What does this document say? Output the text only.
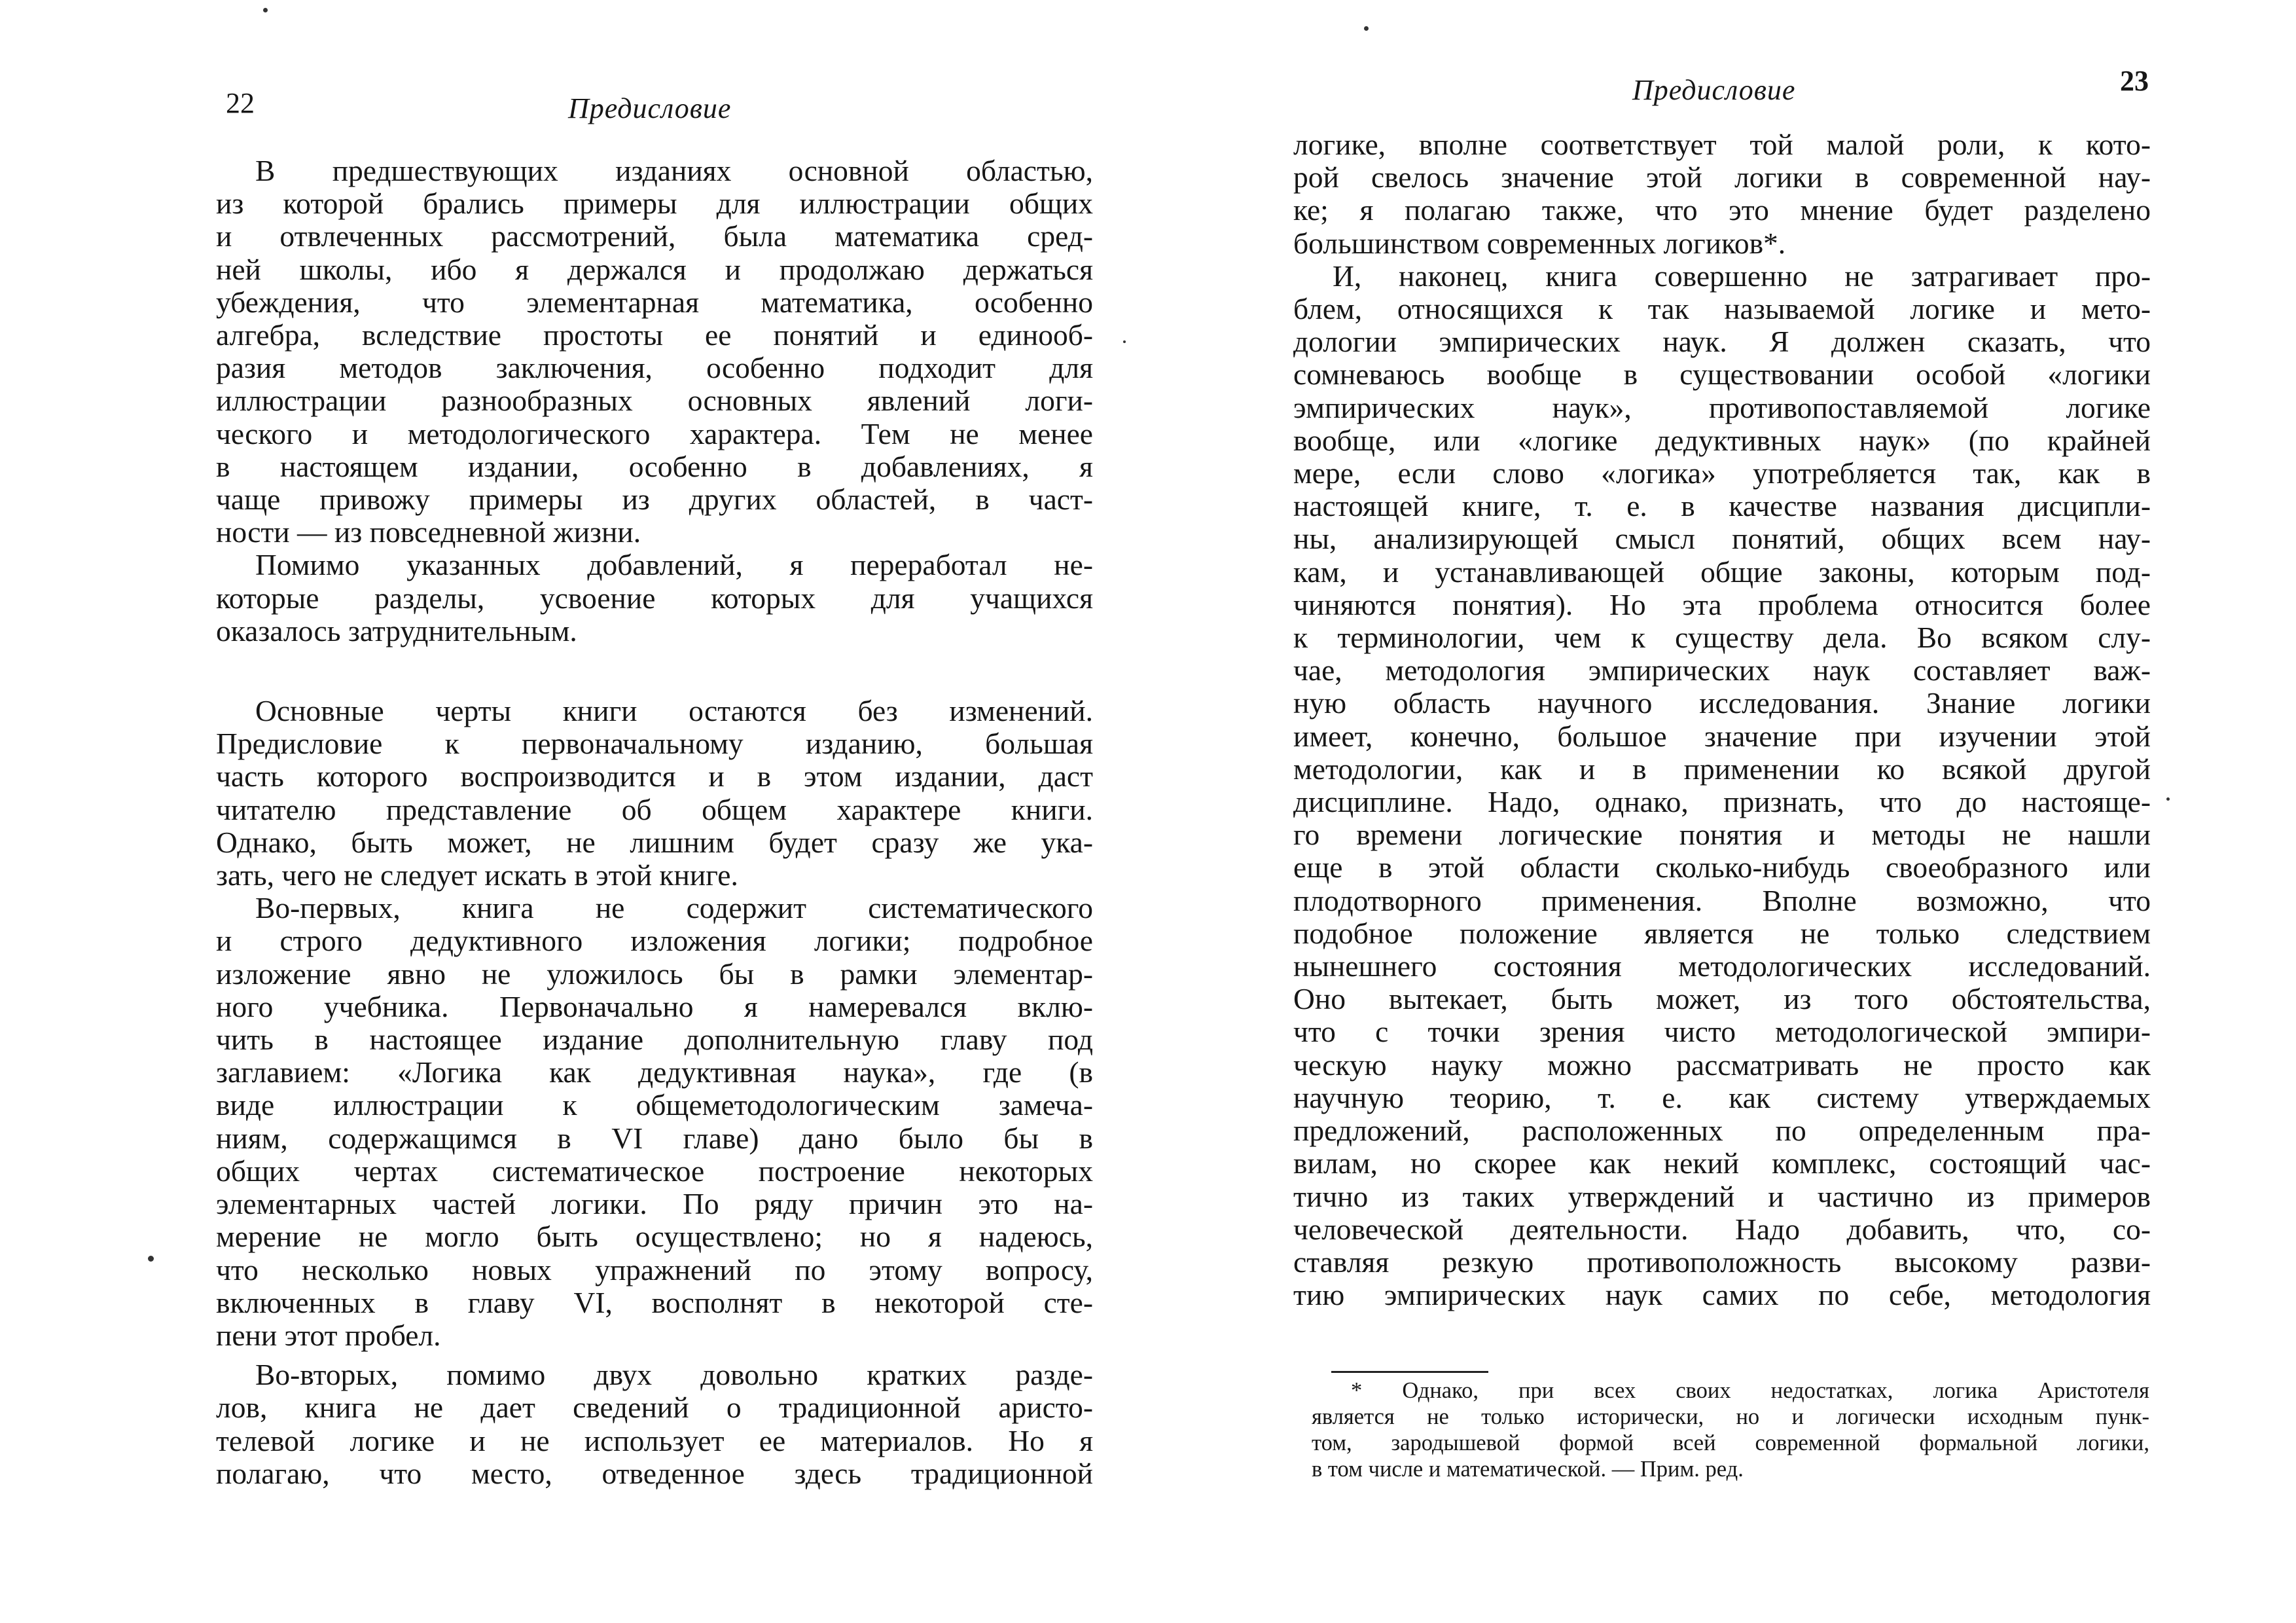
22	Предисловие

В предшествующих изданиях основной областью,
из которой брались примеры для иллюстрации общих
и отвлеченных рассмотрений, была математика сред-
ней школы, ибо я держался и продолжаю держаться
убеждения, что элементарная математика, особенно
алгебра, вследствие простоты ее понятий и единооб-
разия методов заключения, особенно подходит для
иллюстрации разнообразных основных явлений логи-
ческого и методологического характера. Тем не менее
в настоящем издании, особенно в добавлениях, я
чаще привожу примеры из других областей, в част-
ности — из повседневной жизни.

Помимо указанных добавлений, я переработал не-
которые разделы, усвоение которых для учащихся
оказалось затруднительным.

Основные черты книги остаются без изменений.
Предисловие к первоначальному изданию, большая
часть которого воспроизводится и в этом издании, даст
читателю представление об общем характере книги.
Однако, быть может, не лишним будет сразу же ука-
зать, чего не следует искать в этой книге.

Во-первых, книга не содержит систематического
и строго дедуктивного изложения логики; подробное
изложение явно не уложилось бы в рамки элементар-
ного учебника. Первоначально я намеревался вклю-
чить в настоящее издание дополнительную главу под
заглавием: «Логика как дедуктивная наука», где (в
виде иллюстрации к общеметодологическим замеча-
ниям, содержащимся в VI главе) дано было бы в
общих чертах систематическое построение некоторых
элементарных частей логики. По ряду причин это на-
мерение не могло быть осуществлено; но я надеюсь,
что несколько новых упражнений по этому вопросу,
включенных в главу VI, восполнят в некоторой сте-
пени этот пробел.

Во-вторых, помимо двух довольно кратких разде-
лов, книга не дает сведений о традиционной аристо-
телевой логике и не использует ее материалов. Но я
полагаю, что место, отведенное здесь традиционной

Предисловие	23

логике, вполне соответствует той малой роли, к кото-
рой свелось значение этой логики в современной нау-
ке; я полагаю также, что это мнение будет разделено
большинством современных логиков*.

И, наконец, книга совершенно не затрагивает про-
блем, относящихся к так называемой логике и мето-
дологии эмпирических наук. Я должен сказать, что
сомневаюсь вообще в существовании особой «логики
эмпирических наук», противопоставляемой логике
вообще, или «логике дедуктивных наук» (по крайней
мере, если слово «логика» употребляется так, как в
настоящей книге, т. е. в качестве названия дисципли-
ны, анализирующей смысл понятий, общих всем нау-
кам, и устанавливающей общие законы, которым под-
чиняются понятия). Но эта проблема относится более
к терминологии, чем к существу дела. Во всяком слу-
чае, методология эмпирических наук составляет важ-
ную область научного исследования. Знание логики
имеет, конечно, большое значение при изучении этой
методологии, как и в применении ко всякой другой
дисциплине. Надо, однако, признать, что до настояще-
го времени логические понятия и методы не нашли
еще в этой области сколько-нибудь своеобразного или
плодотворного применения. Вполне возможно, что
подобное положение является не только следствием
нынешнего состояния методологических исследований.
Оно вытекает, быть может, из того обстоятельства,
что с точки зрения чисто методологической эмпири-
ческую науку можно рассматривать не просто как
научную теорию, т. е. как систему утверждаемых
предложений, расположенных по определенным пра-
вилам, но скорее как некий комплекс, состоящий час-
тично из таких утверждений и частично из примеров
человеческой деятельности. Надо добавить, что, со-
ставляя резкую противоположность высокому разви-
тию эмпирических наук самих по себе, методология

* Однако, при всех своих недостатках, логика Аристотеля
является не только исторически, но и логически исходным пунк-
том, зародышевой формой всей современной формальной логики,
в том числе и математической. — Прим. ред.
